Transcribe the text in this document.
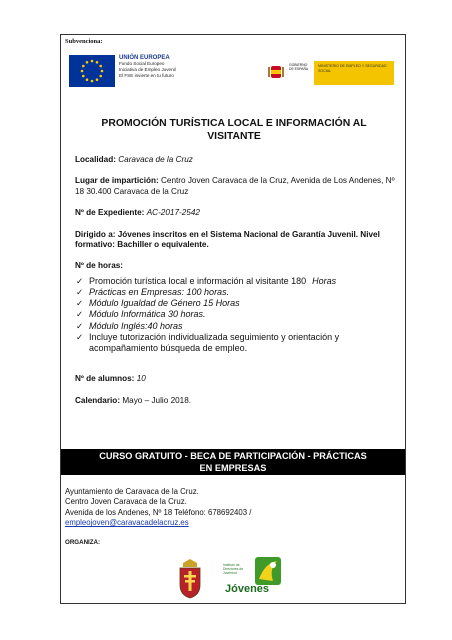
Subvenciona:
UNIÓN EUROPEA
Fondo Social Europeo
Iniciativa de Empleo Juvenil
El FSE invierte en tu futuro
GOBIERNO DE ESPAÑA
MINISTERIO DE EMPLEO Y SEGURIDAD SOCIAL
PROMOCIÓN TURÍSTICA LOCAL E INFORMACIÓN AL
VISITANTE

Localidad: Caravaca de la Cruz

Lugar de impartición: Centro Joven Caravaca de la Cruz, Avenida de Los Andenes, Nº 18 30.400 Caravaca de la Cruz

Nº de Expediente: AC-2017-2542

Dirigido a: Jóvenes inscritos en el Sistema Nacional de Garantía Juvenil. Nivel formativo: Bachiller o equivalente.

Nº de horas:

✓ Promoción turística local e información al visitante 180 Horas
✓ Prácticas en Empresas: 100 horas.
✓ Módulo Igualdad de Género 15 Horas
✓ Módulo Informática 30 horas.
✓ Módulo Inglés:40 horas
✓ Incluye tutorización individualizada seguimiento y orientación y acompañamiento búsqueda de empleo.

Nº de alumnos: 10

Calendario: Mayo – Julio 2018.

CURSO GRATUITO - BECA DE PARTICIPACIÓN - PRÁCTICAS
EN EMPRESAS
Ayuntamiento de Caravaca de la Cruz.
Centro Joven Caravaca de la Cruz.
Avenida de los Andenes, Nº 18 Teléfono: 678692403 /
empleojoven@caravacadelacruz.es
ORGANIZA:
Instituto de Directores de Juventud
Jóvenes
